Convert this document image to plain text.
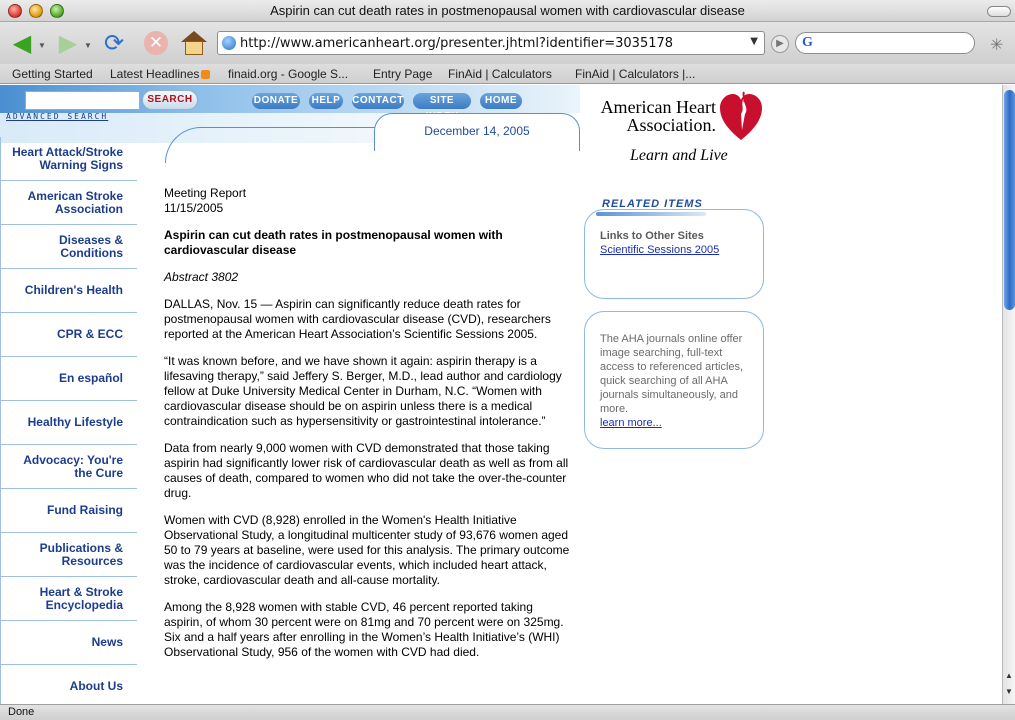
Aspirin can cut death rates in postmenopausal women with cardiovascular disease
◀ ▼ ▶ ▼ ⟳ ✕	http://www.americanheart.org/presenter.jhtml?identifier=3035178	▼	▶	G	✳
Getting Started Latest Headlines	finaid.org - Google S... Entry Page FinAid | Calculators FinAid | Calculators |...
SEARCH
ADVANCED SEARCH
DONATE HELP CONTACT	SITE	HOME
December 14, 2005
American Heart
Association.
Learn and Live
Heart Attack/Stroke
Warning Signs
American Stroke
Association
Diseases &
Conditions
Children's Health
CPR & ECC
En español
Healthy Lifestyle
Advocacy: You're
the Cure
Fund Raising
Publications &
Resources
Heart & Stroke
Encyclopedia
News
About Us

Meeting Report
11/15/2005

Aspirin can cut death rates in postmenopausal women with cardiovascular disease

Abstract 3802

DALLAS, Nov. 15 — Aspirin can significantly reduce death rates for postmenopausal women with cardiovascular disease (CVD), researchers reported at the American Heart Association’s Scientific Sessions 2005.

“It was known before, and we have shown it again: aspirin therapy is a lifesaving therapy,” said Jeffery S. Berger, M.D., lead author and cardiology fellow at Duke University Medical Center in Durham, N.C. “Women with cardiovascular disease should be on aspirin unless there is a medical contraindication such as hypersensitivity or gastrointestinal intolerance.”

Data from nearly 9,000 women with CVD demonstrated that those taking aspirin had significantly lower risk of cardiovascular death as well as from all causes of death, compared to women who did not take the over-the-counter drug.

Women with CVD (8,928) enrolled in the Women's Health Initiative Observational Study, a longitudinal multicenter study of 93,676 women aged 50 to 79 years at baseline, were used for this analysis. The primary outcome was the incidence of cardiovascular events, which included heart attack, stroke, cardiovascular death and all-cause mortality.

Among the 8,928 women with stable CVD, 46 percent reported taking aspirin, of whom 30 percent were on 81mg and 70 percent were on 325mg. Six and a half years after enrolling in the Women’s Health Initiative’s (WHI) Observational Study, 956 of the women with CVD had died.

Links to Other Sites
Scientific Sessions 2005
RELATED ITEMS
The AHA journals online offer image searching, full-text access to referenced articles, quick searching of all AHA journals simultaneously, and more.
learn more...
▲
▼
Done
